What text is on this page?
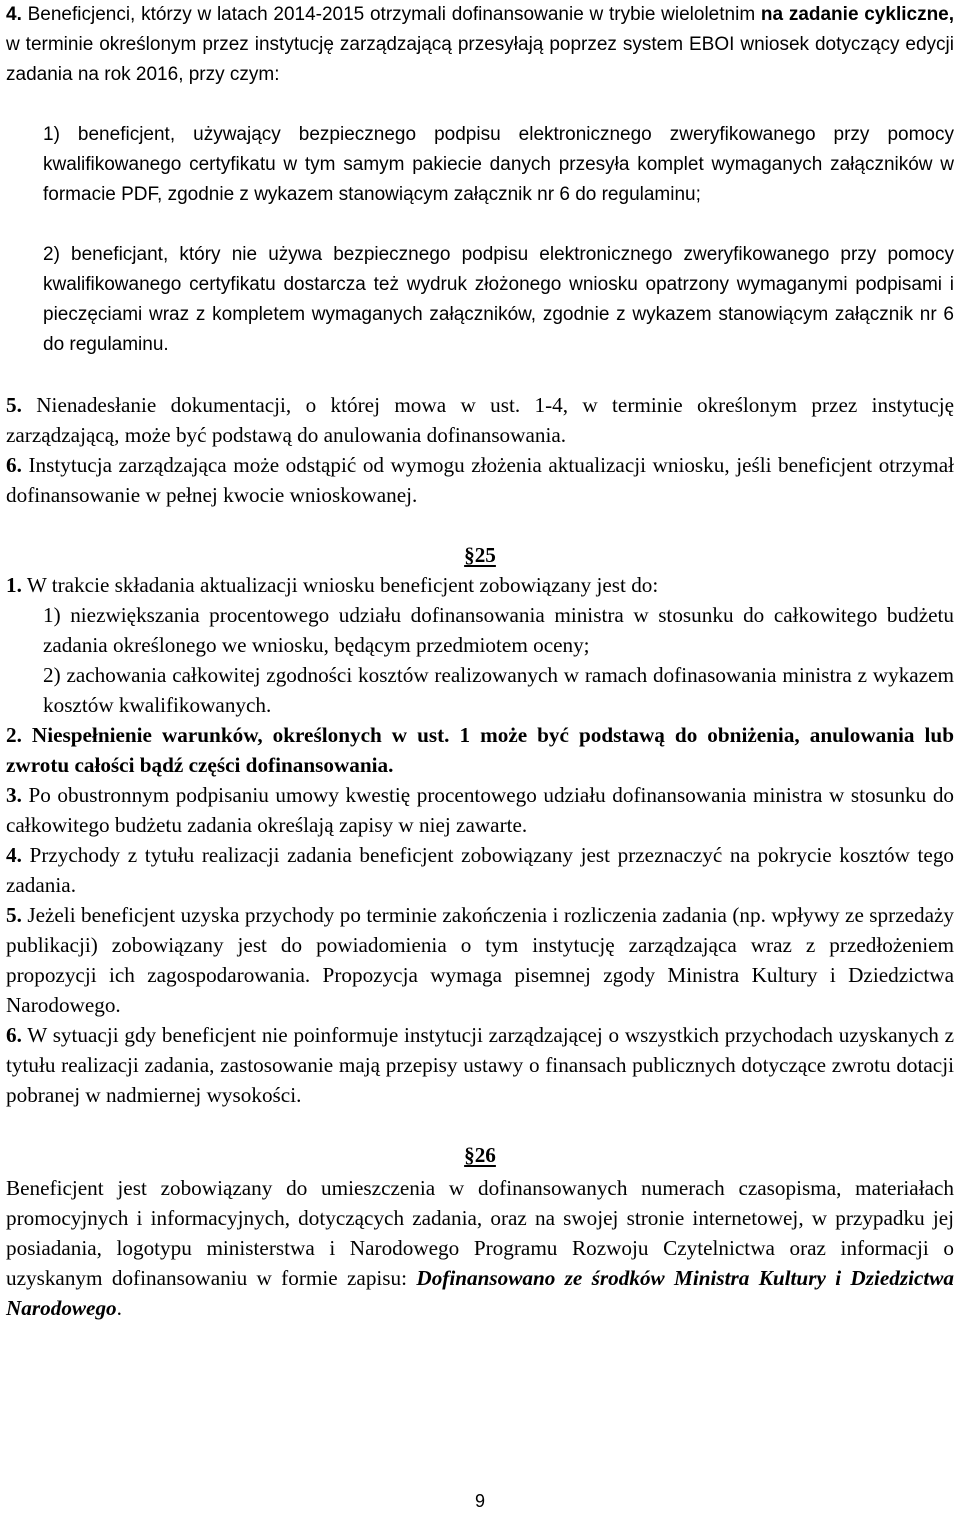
4. Beneficjenci, którzy w latach 2014-2015 otrzymali dofinansowanie w trybie wieloletnim na zadanie cykliczne, w terminie określonym przez instytucję zarządzającą przesyłają poprzez system EBOI wniosek dotyczący edycji zadania na rok 2016, przy czym:

1) beneficjent, używający bezpiecznego podpisu elektronicznego zweryfikowanego przy pomocy kwalifikowanego certyfikatu w tym samym pakiecie danych przesyła komplet wymaganych załączników w formacie PDF, zgodnie z wykazem stanowiącym załącznik nr 6 do regulaminu;

2) beneficjant, który nie używa bezpiecznego podpisu elektronicznego zweryfikowanego przy pomocy kwalifikowanego certyfikatu dostarcza też wydruk złożonego wniosku opatrzony wymaganymi podpisami i pieczęciami wraz z kompletem wymaganych załączników, zgodnie z wykazem stanowiącym załącznik nr 6 do regulaminu.

5. Nienadesłanie dokumentacji, o której mowa w ust. 1-4, w terminie określonym przez instytucję zarządzającą, może być podstawą do anulowania dofinansowania.

6. Instytucja zarządzająca może odstąpić od wymogu złożenia aktualizacji wniosku, jeśli beneficjent otrzymał dofinansowanie w pełnej kwocie wnioskowanej.

§25

1. W trakcie składania aktualizacji wniosku beneficjent zobowiązany jest do:

1) niezwiększania procentowego udziału dofinansowania ministra w stosunku do całkowitego budżetu zadania określonego we wniosku, będącym przedmiotem oceny;

2) zachowania całkowitej zgodności kosztów realizowanych w ramach dofinasowania ministra z wykazem kosztów kwalifikowanych.

2. Niespełnienie warunków, określonych w ust. 1 może być podstawą do obniżenia, anulowania lub zwrotu całości bądź części dofinansowania.

3. Po obustronnym podpisaniu umowy kwestię procentowego udziału dofinansowania ministra w stosunku do całkowitego budżetu zadania określają zapisy w niej zawarte.

4. Przychody z tytułu realizacji zadania beneficjent zobowiązany jest przeznaczyć na pokrycie kosztów tego zadania.

5. Jeżeli beneficjent uzyska przychody po terminie zakończenia i rozliczenia zadania (np. wpływy ze sprzedaży publikacji) zobowiązany jest do powiadomienia o tym instytucję zarządzająca wraz z przedłożeniem propozycji ich zagospodarowania. Propozycja wymaga pisemnej zgody Ministra Kultury i Dziedzictwa Narodowego.

6. W sytuacji gdy beneficjent nie poinformuje instytucji zarządzającej o wszystkich przychodach uzyskanych z tytułu realizacji zadania, zastosowanie mają przepisy ustawy o finansach publicznych dotyczące zwrotu dotacji pobranej w nadmiernej wysokości.

§26

Beneficjent jest zobowiązany do umieszczenia w dofinansowanych numerach czasopisma, materiałach promocyjnych i informacyjnych, dotyczących zadania, oraz na swojej stronie internetowej, w przypadku jej posiadania, logotypu ministerstwa i Narodowego Programu Rozwoju Czytelnictwa oraz informacji o uzyskanym dofinansowaniu w formie zapisu: Dofinansowano ze środków Ministra Kultury i Dziedzictwa Narodowego.

9
